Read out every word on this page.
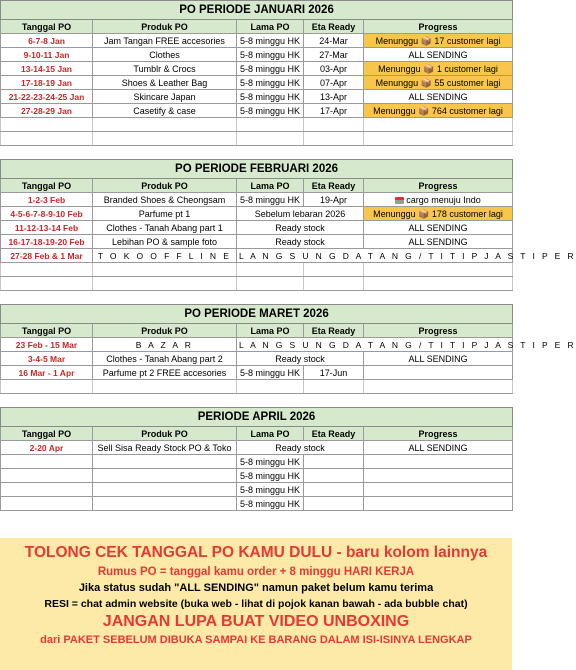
PO PERIODE JANUARI 2026				
Tanggal PO	Produk PO	Lama PO	Eta Ready	Progress
6-7-8 Jan	Jam Tangan FREE accesories	5-8 minggu HK	24-Mar	Menunggu 📦 17 customer lagi
9-10-11 Jan	Clothes	5-8 minggu HK	27-Mar	ALL SENDING
13-14-15 Jan	Tumblr & Crocs	5-8 minggu HK	03-Apr	Menunggu 📦 1 customer lagi
17-18-19 Jan	Shoes & Leather Bag	5-8 minggu HK	07-Apr	Menunggu 📦 55 customer lagi
21-22-23-24-25 Jan	Skincare Japan	5-8 minggu HK	13-Apr	ALL SENDING
27-28-29 Jan	Casetify & case	5-8 minggu HK	17-Apr	Menunggu 📦 764 customer lagi

PO PERIODE FEBRUARI 2026				
Tanggal PO	Produk PO	Lama PO	Eta Ready	Progress
1-2-3 Feb	Branded Shoes & Cheongsam	5-8 minggu HK	19-Apr	cargo menuju Indo
4-5-6-7-8-9-10 Feb	Parfume pt 1	Sebelum lebaran 2026		Menunggu 📦 178 customer lagi
11-12-13-14 Feb	Clothes - Tanah Abang part 1	Ready stock		ALL SENDING
16-17-18-19-20 Feb	Lebihan PO & sample foto	Ready stock		ALL SENDING
27-28 Feb & 1 Mar	T O K O O F F L I N E	L A N G S U N G D A T A N G / T I T I P J A S T I P E R		

PO PERIODE MARET 2026				
Tanggal PO	Produk PO	Lama PO	Eta Ready	Progress
23 Feb - 15 Mar	B A Z A R	L A N G S U N G D A T A N G / T I T I P J A S T I P E R		
3-4-5 Mar	Clothes - Tanah Abang part 2	Ready stock		ALL SENDING
16 Mar - 1 Apr	Parfume pt 2 FREE accesories	5-8 minggu HK	17-Jun	

PERIODE APRIL 2026				
Tanggal PO	Produk PO	Lama PO	Eta Ready	Progress
2-20 Apr	Sell Sisa Ready Stock PO & Toko	Ready stock		ALL SENDING
		5-8 minggu HK		
		5-8 minggu HK		
		5-8 minggu HK		
		5-8 minggu HK		
TOLONG CEK TANGGAL PO KAMU DULU - baru kolom lainnya
Rumus PO = tanggal kamu order + 8 minggu HARI KERJA
Jika status sudah "ALL SENDING" namun paket belum kamu terima
RESI = chat admin website (buka web - lihat di pojok kanan bawah - ada bubble chat)
JANGAN LUPA BUAT VIDEO UNBOXING
dari PAKET SEBELUM DIBUKA SAMPAI KE BARANG DALAM ISI-ISINYA LENGKAP
